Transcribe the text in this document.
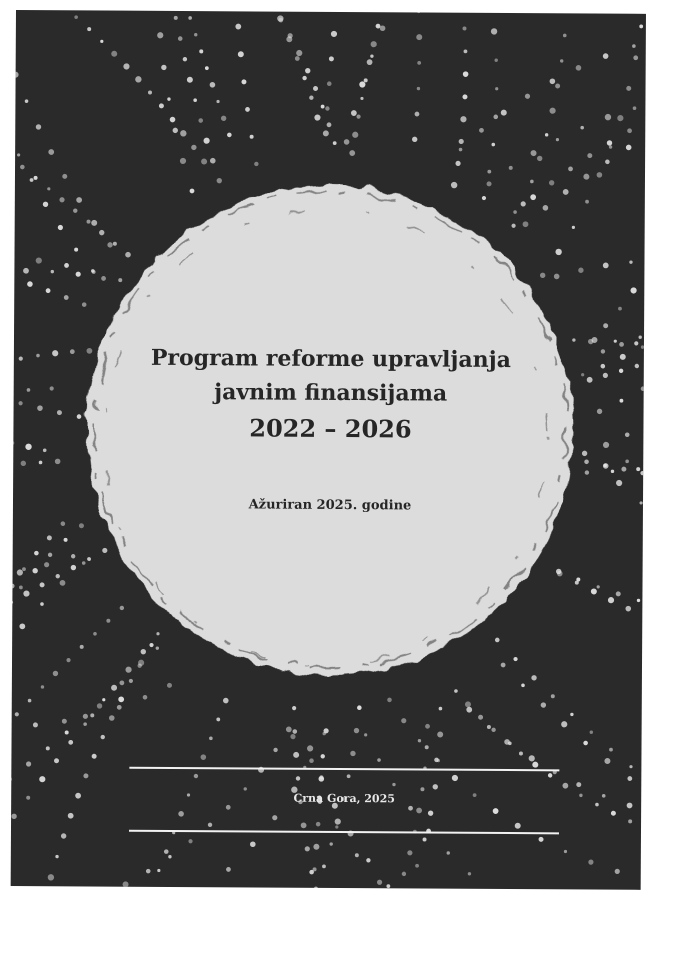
Program reforme upravljanja
javnim finansijama
2022 – 2026
Ažuriran 2025. godine
Crna Gora, 2025
